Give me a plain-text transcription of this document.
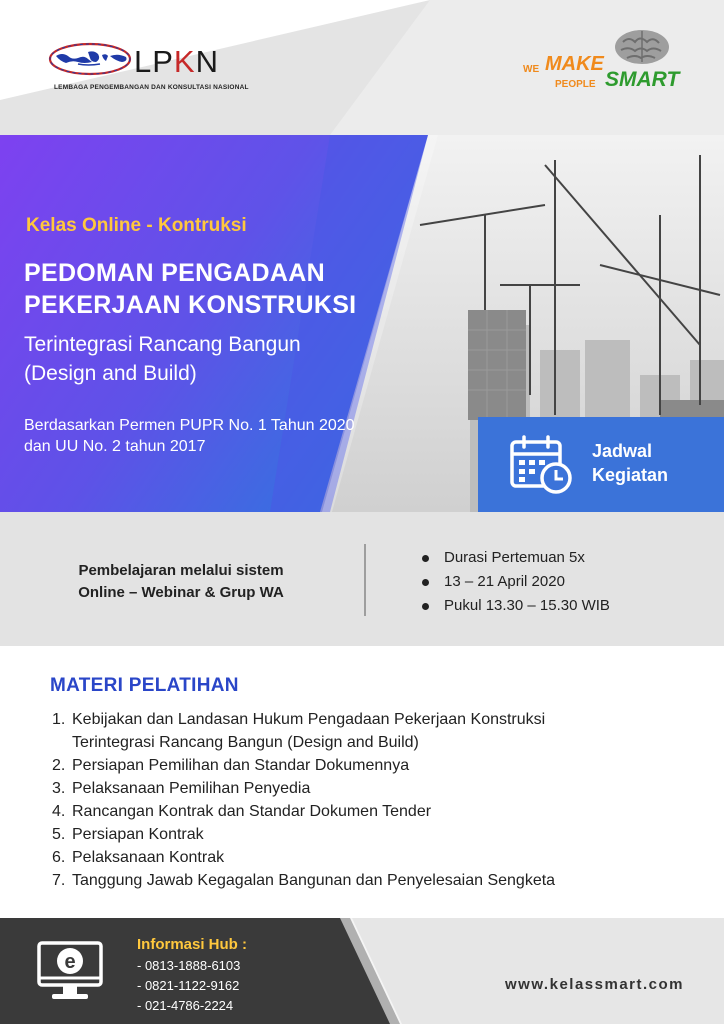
LPKN
LEMBAGA PENGEMBANGAN DAN KONSULTASI NASIONAL
WE MAKE
PEOPLE SMART
Kelas Online - Kontruksi
PEDOMAN PENGADAAN
PEKERJAAN KONSTRUKSI
Terintegrasi Rancang Bangun
(Design and Build)
Berdasarkan Permen PUPR No. 1 Tahun 2020
dan UU No. 2 tahun 2017	Jadwal
Kegiatan
Pembelajaran melalui sistem
Online – Webinar & Grup WA
Durasi Pertemuan 5x
13 – 21 April 2020
Pukul 13.30 – 15.30 WIB
MATERI PELATIHAN
1. Kebijakan dan Landasan Hukum Pengadaan Pekerjaan Konstruksi
Terintegrasi Rancang Bangun (Design and Build)
2. Persiapan Pemilihan dan Standar Dokumennya
3. Pelaksanaan Pemilihan Penyedia
4. Rancangan Kontrak dan Standar Dokumen Tender
5. Persiapan Kontrak
6. Pelaksanaan Kontrak
7. Tanggung Jawab Kegagalan Bangunan dan Penyelesaian Sengketa
e
Informasi Hub :
- 0813-1888-6103
- 0821-1122-9162
- 021-4786-2224
www.kelassmart.com
